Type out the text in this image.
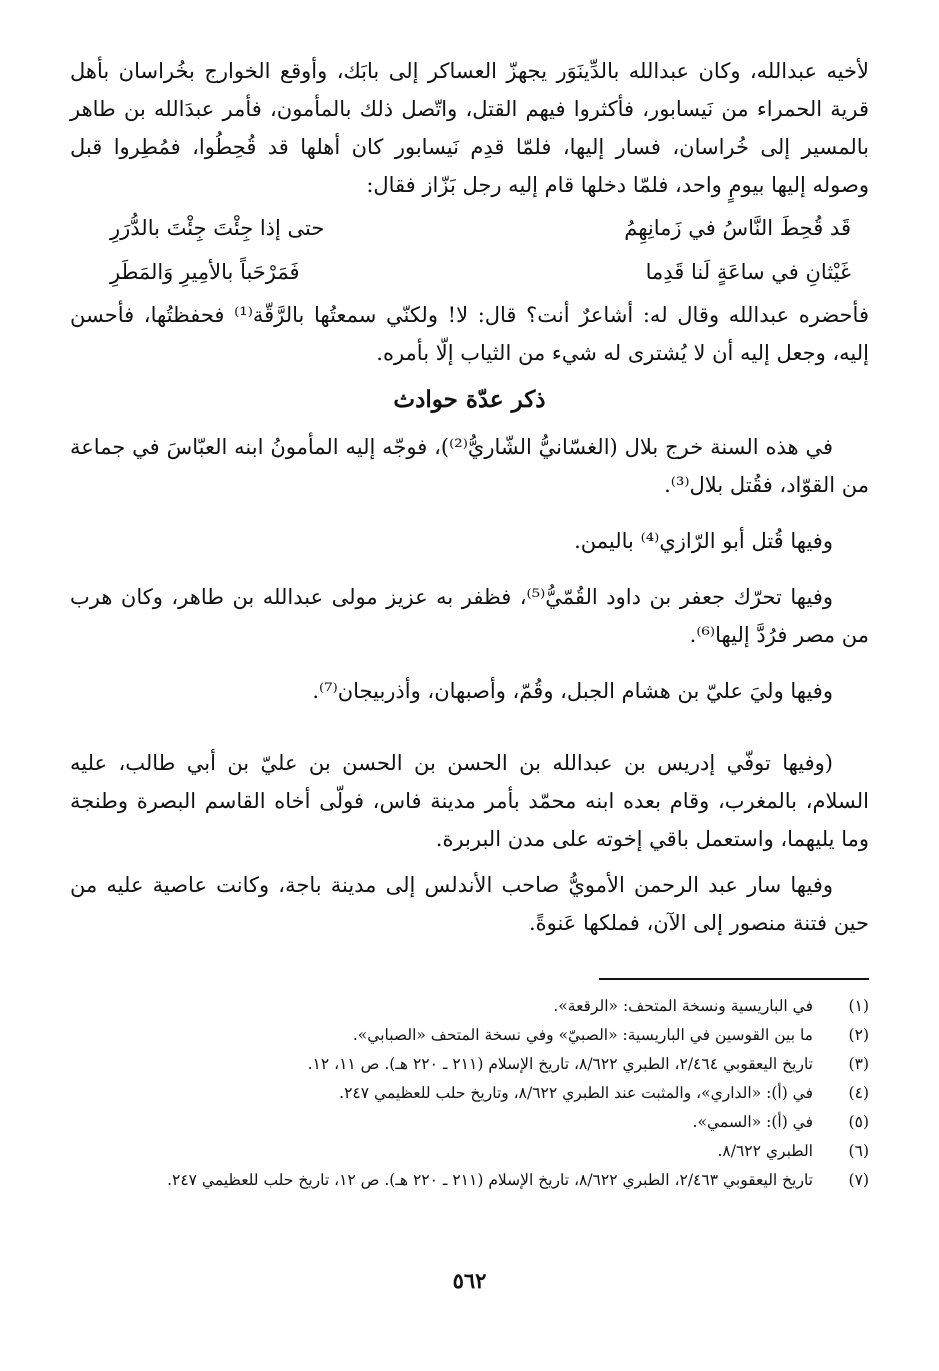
لأخيه عبدالله، وكان عبدالله بالدِّينَوَر يجهزّ العساكر إلى بابَك، وأوقع الخوارج بخُراسان بأهل قرية الحمراء من نَيسابور، فأكثروا فيهم القتل، واتّصل ذلك بالمأمون، فأمر عبدَالله بن طاهر بالمسير إلى خُراسان، فسار إليها، فلمّا قدِم نَيسابور كان أهلها قد قُحِطُوا، فمُطِروا قبل وصوله إليها بيومٍ واحد، فلمّا دخلها قام إليه رجل بَزّاز فقال:

قَد قُحِطَ النَّاسُ في زَمانِهِمُ
حتى إذا جِئْتَ جِئْتَ بالدُّرَرِ
غَيْثانِ في ساعَةٍ لَنا قَدِما
فَمَرْحَباً بالأمِيرِ وَالمَطَرِ

فأحضره عبدالله وقال له: أشاعرٌ أنت؟ قال: لا! ولكنّي سمعتُها بالرَّقّة⁽¹⁾ فحفظتُها، فأحسن إليه، وجعل إليه أن لا يُشترى له شيء من الثياب إلّا بأمره.

ذكر عدّة حوادث

في هذه السنة خرج بلال (الغسّانيُّ الشّاريُّ⁽²⁾)، فوجّه إليه المأمونُ ابنه العبّاسَ في جماعة من القوّاد، فقُتل بلال⁽³⁾.

وفيها قُتل أبو الرّازي⁽⁴⁾ باليمن.

وفيها تحرّك جعفر بن داود القُمّيُّ⁽⁵⁾، فظفر به عزيز مولى عبدالله بن طاهر، وكان هرب من مصر فرُدَّ إليها⁽⁶⁾.

وفيها وليَ عليّ بن هشام الجبل، وقُمّ، وأصبهان، وأذربيجان⁽⁷⁾.

(وفيها توفّي إدريس بن عبدالله بن الحسن بن الحسن بن عليّ بن أبي طالب، عليه السلام، بالمغرب، وقام بعده ابنه محمّد بأمر مدينة فاس، فولّى أخاه القاسم البصرة وطنجة وما يليهما، واستعمل باقي إخوته على مدن البربرة.

وفيها سار عبد الرحمن الأمويُّ صاحب الأندلس إلى مدينة باجة، وكانت عاصية عليه من حين فتنة منصور إلى الآن، فملكها عَنوةً.

(١)
في الباريسية ونسخة المتحف: «الرقعة».
(٢)
ما بين القوسين في الباريسية: «الصبيّ» وفي نسخة المتحف «الصبابي».
(٣)
تاريخ اليعقوبي ٢/٤٦٤، الطبري ٨/٦٢٢، تاريخ الإسلام (٢١١ ـ ٢٢٠ هـ). ص ١١، ١٢.
(٤)
في (أ): «الداري»، والمثبت عند الطبري ٨/٦٢٢، وتاريخ حلب للعظيمي ٢٤٧.
(٥)
في (أ): «السمي».
(٦)
الطبري ٨/٦٢٢.
(٧)
تاريخ اليعقوبي ٢/٤٦٣، الطبري ٨/٦٢٢، تاريخ الإسلام (٢١١ ـ ٢٢٠ هـ). ص ١٢، تاريخ حلب للعظيمي ٢٤٧.
٥٦٢
